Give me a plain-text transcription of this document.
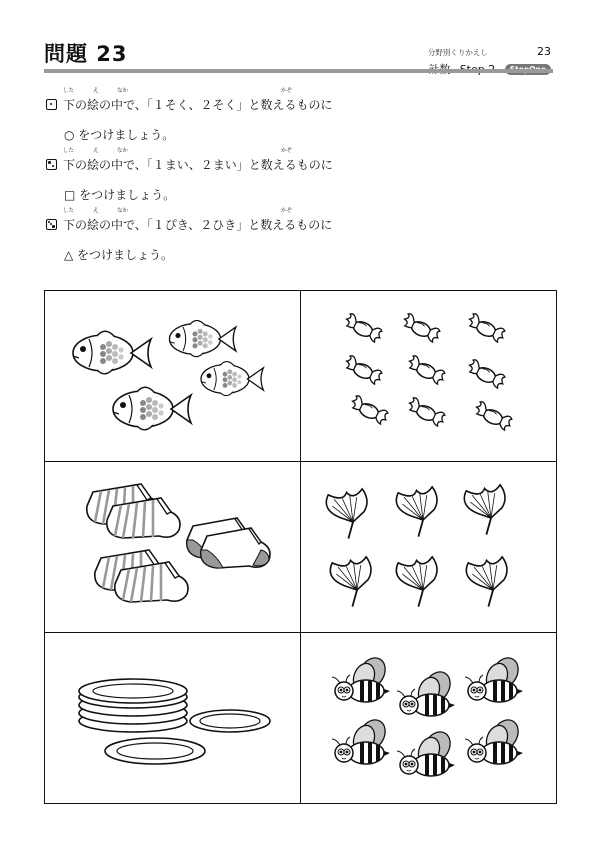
問題 23	分野別くりかえし	23
した	え	なか	かぞ
下の絵の中で、「１そく、２そく」と数えるものに
○ をつけましょう。
した	え	なか	かぞ
下の絵の中で、「１まい、２まい」と数えるものに
□ をつけましょう。
した	え	なか	かぞ
下の絵の中で、「１ぴき、２ひき」と数えるものに
△ をつけましょう。
